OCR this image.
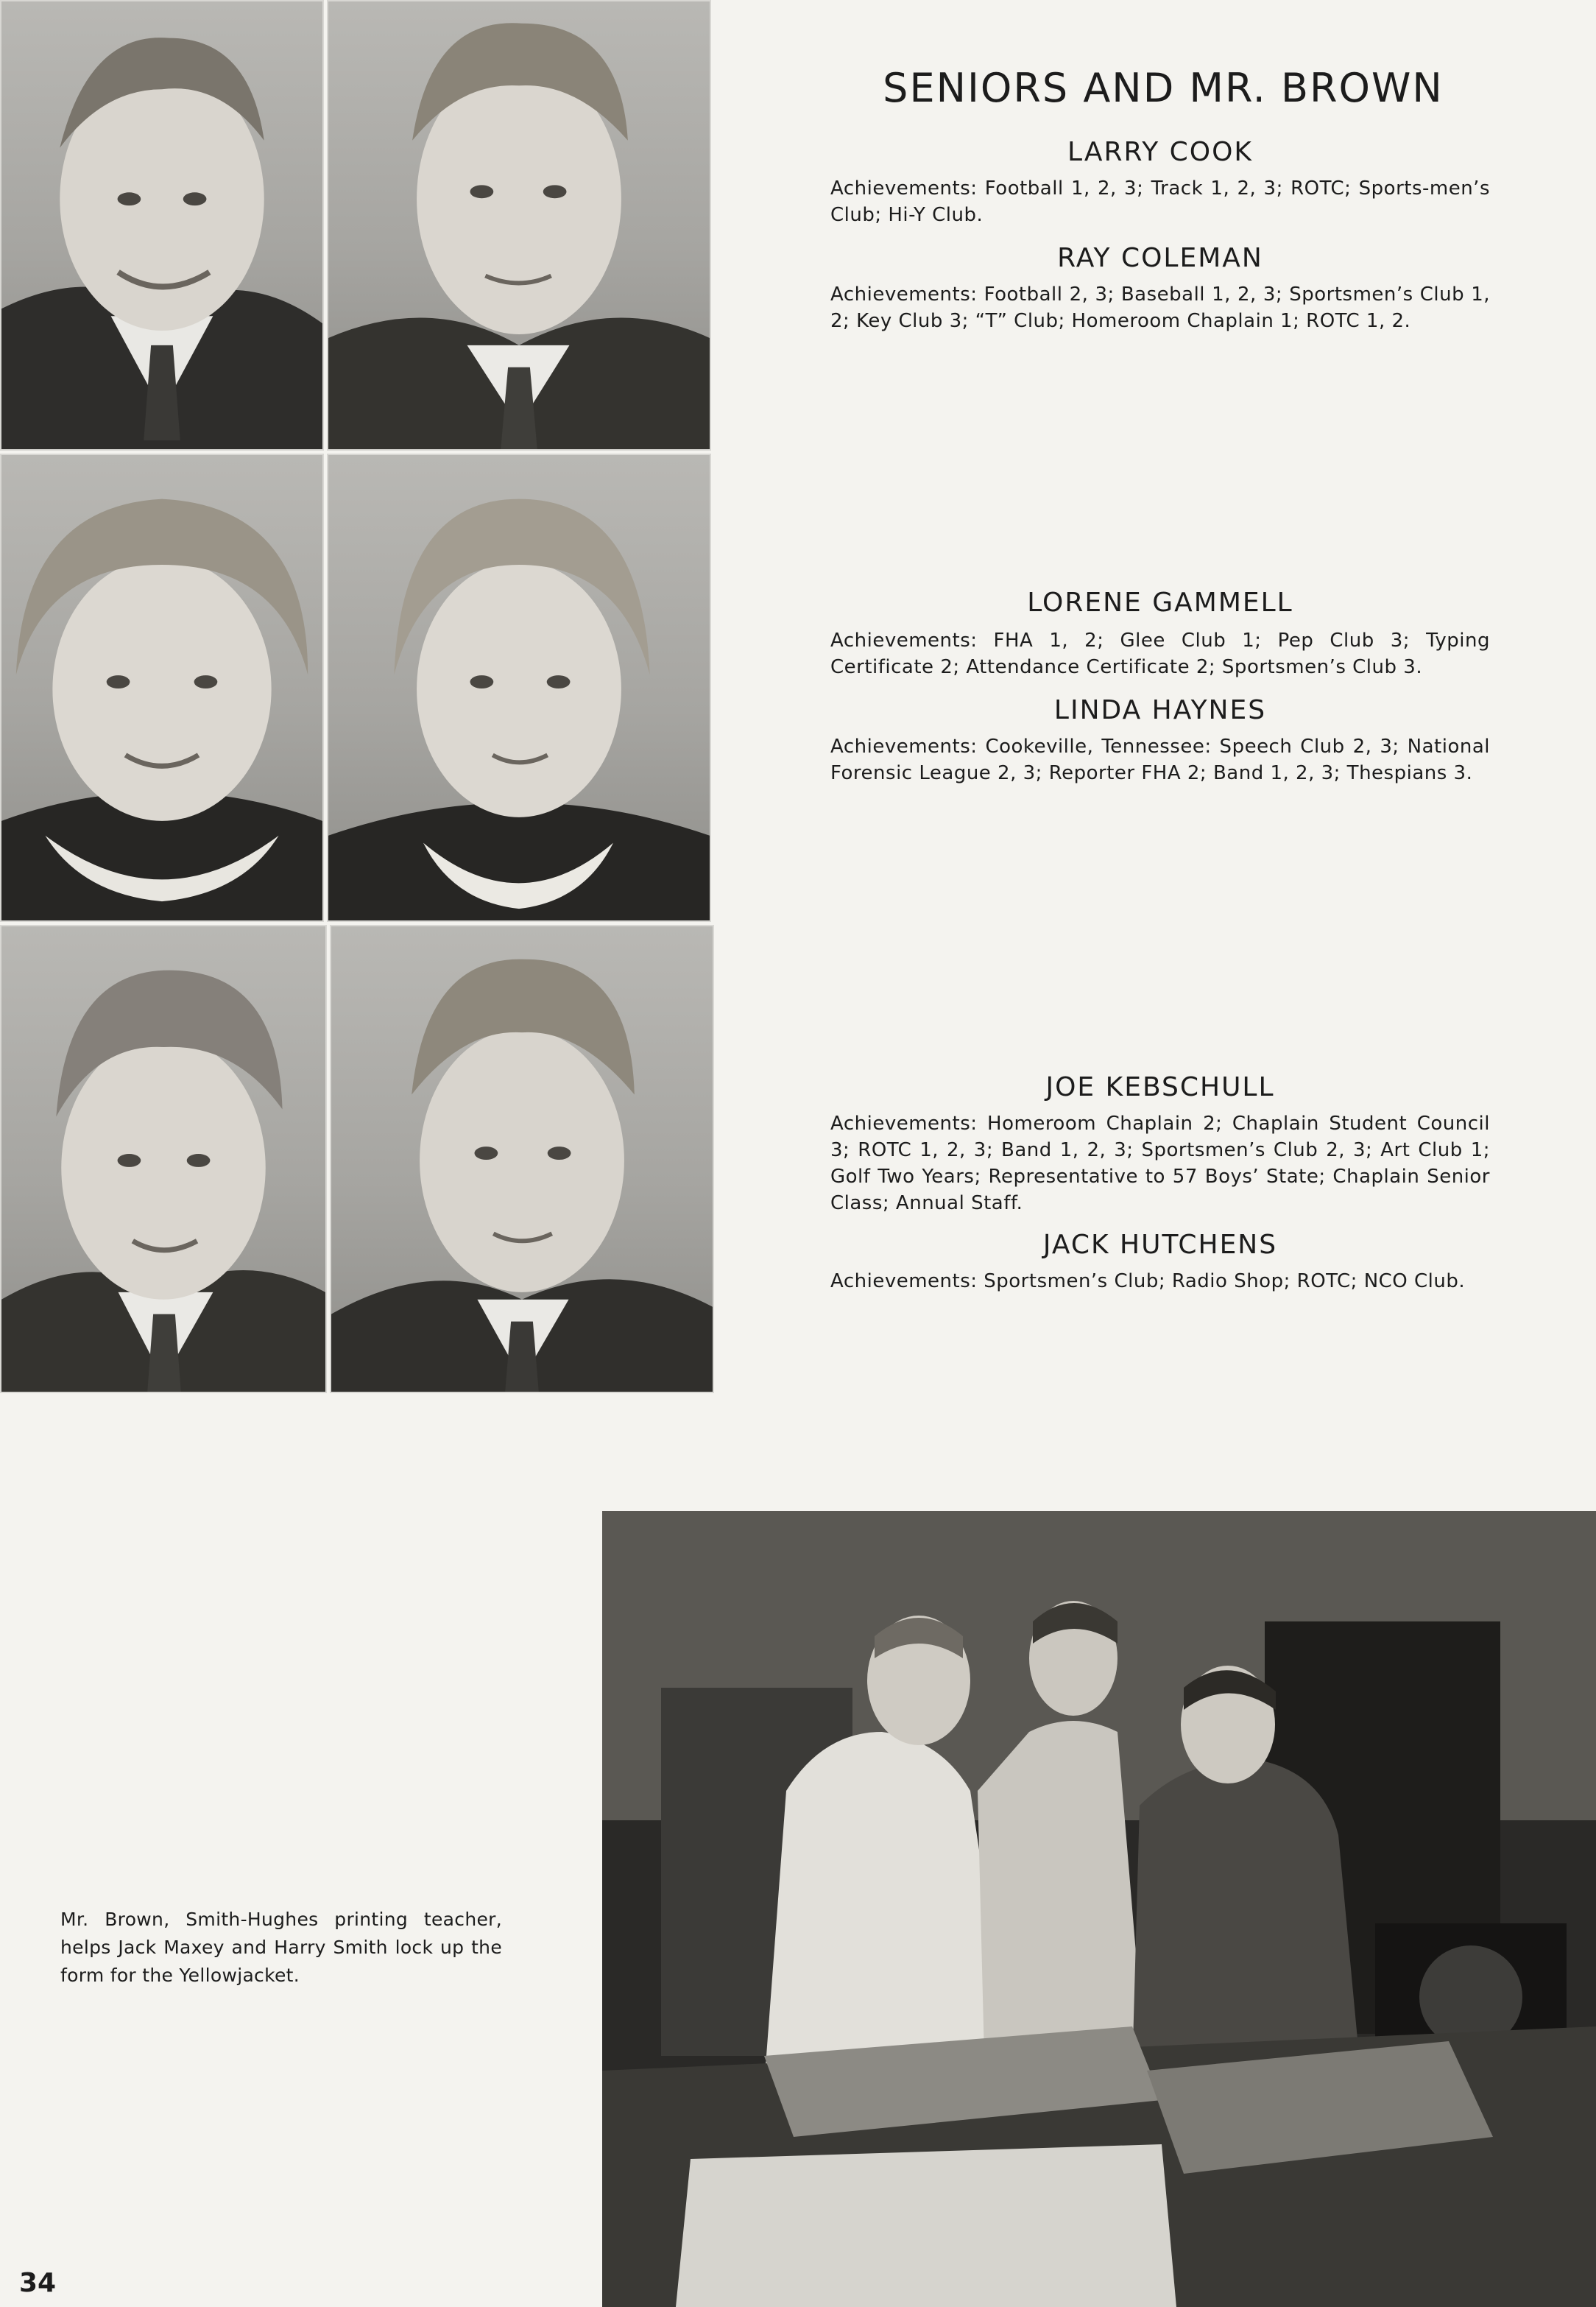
SENIORS AND MR. BROWN

LARRY COOK

Achievements: Football 1, 2, 3; Track 1, 2, 3; ROTC; Sports-men’s Club; Hi-Y Club.

RAY COLEMAN

Achievements: Football 2, 3; Baseball 1, 2, 3; Sportsmen’s Club 1, 2; Key Club 3; “T” Club; Homeroom Chaplain 1; ROTC 1, 2.

LORENE GAMMELL

Achievements: FHA 1, 2; Glee Club 1; Pep Club 3; Typing Certificate 2; Attendance Certificate 2; Sportsmen’s Club 3.

LINDA HAYNES

Achievements: Cookeville, Tennessee: Speech Club 2, 3; National Forensic League 2, 3; Reporter FHA 2; Band 1, 2, 3; Thespians 3.

JOE KEBSCHULL

Achievements: Homeroom Chaplain 2; Chaplain Student Council 3; ROTC 1, 2, 3; Band 1, 2, 3; Sportsmen’s Club 2, 3; Art Club 1; Golf Two Years; Representative to 57 Boys’ State; Chaplain Senior Class; Annual Staff.

JACK HUTCHENS

Achievements: Sportsmen’s Club; Radio Shop; ROTC; NCO Club.

Mr. Brown, Smith-Hughes printing teacher, helps Jack Maxey and Harry Smith lock up the form for the Yellowjacket.

34
